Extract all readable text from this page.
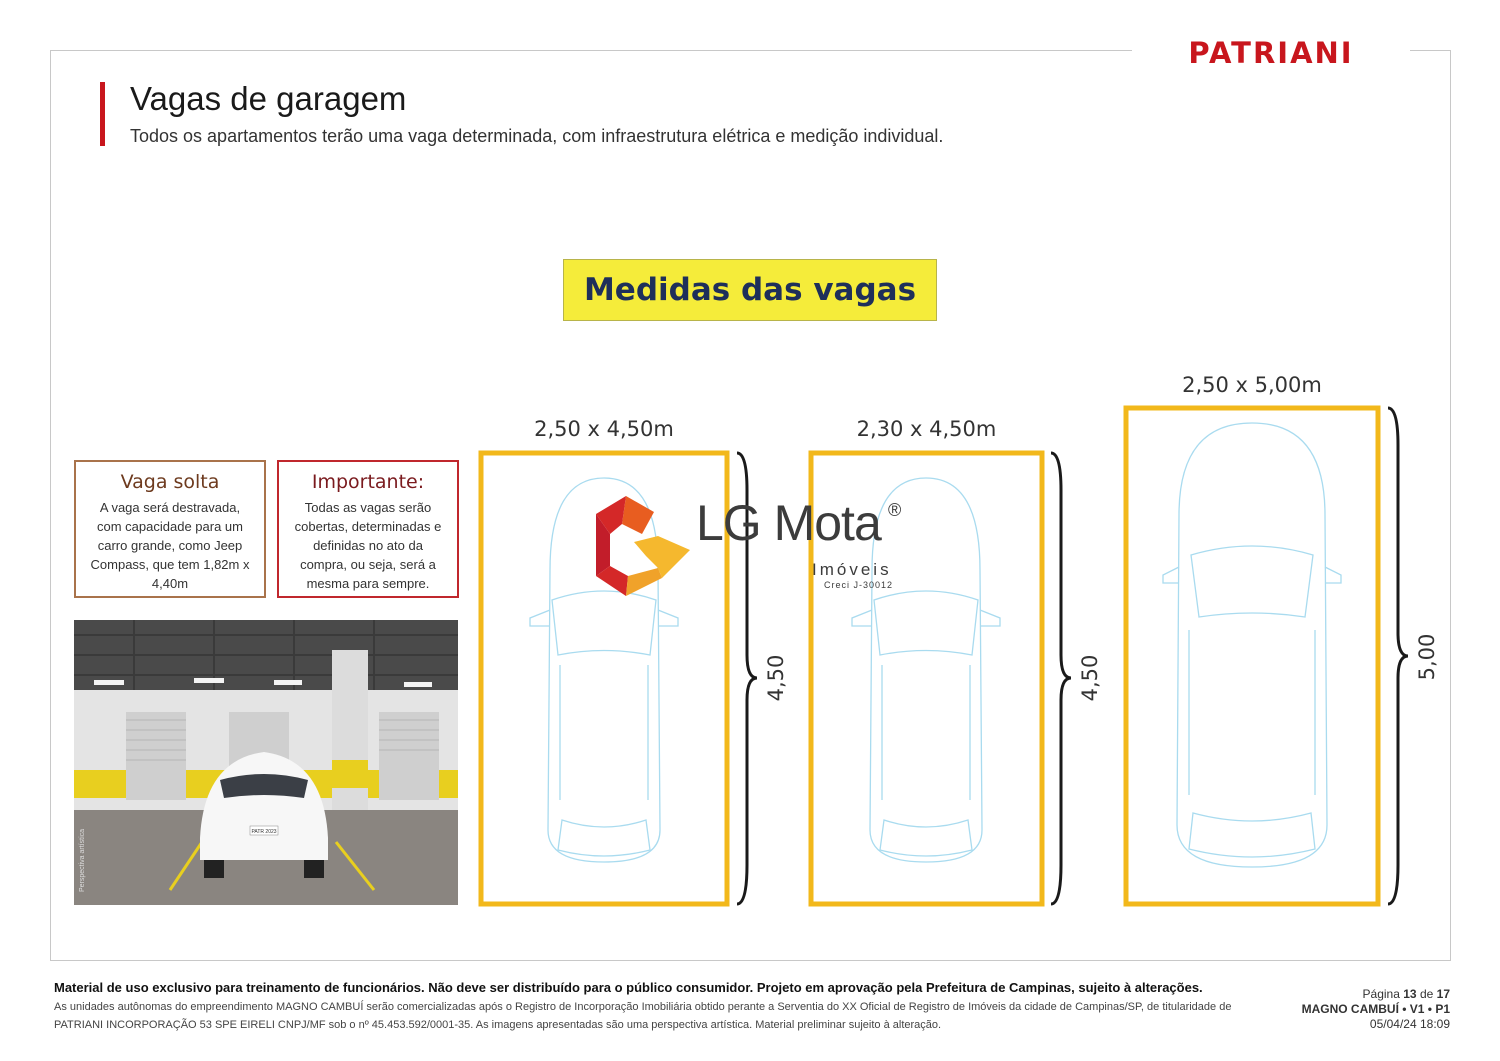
PATRIANI
Vagas de garagem
Todos os apartamentos terão uma vaga determinada, com infraestrutura elétrica e medição individual.
Medidas das vagas
Vaga solta
A vaga será destravada, com capacidade para um carro grande, como Jeep Compass, que tem 1,82m x 4,40m
Importante:
Todas as vagas serão cobertas, determinadas e definidas no ato da compra, ou seja, será a mesma para sempre.
PATR 2023
Perspectiva artística
2,50 x 4,50m	2,30 x 4,50m
2,50 x 5,00m
4,50	4,50	5,00
LG Mota ®
Imóveis
Creci J-30012
Material de uso exclusivo para treinamento de funcionários. Não deve ser distribuído para o público consumidor. Projeto em aprovação pela Prefeitura de Campinas, sujeito à alterações.
As unidades autônomas do empreendimento MAGNO CAMBUÍ serão comercializadas após o Registro de Incorporação Imobiliária obtido perante a Serventia do XX Oficial de Registro de Imóveis da cidade de Campinas/SP, de titularidade de PATRIANI INCORPORAÇÃO 53 SPE EIRELI CNPJ/MF sob o nº 45.453.592/0001-35. As imagens apresentadas são uma perspectiva artística. Material preliminar sujeito à alteração.
Página 13 de 17
MAGNO CAMBUÍ • V1 • P1
05/04/24 18:09
